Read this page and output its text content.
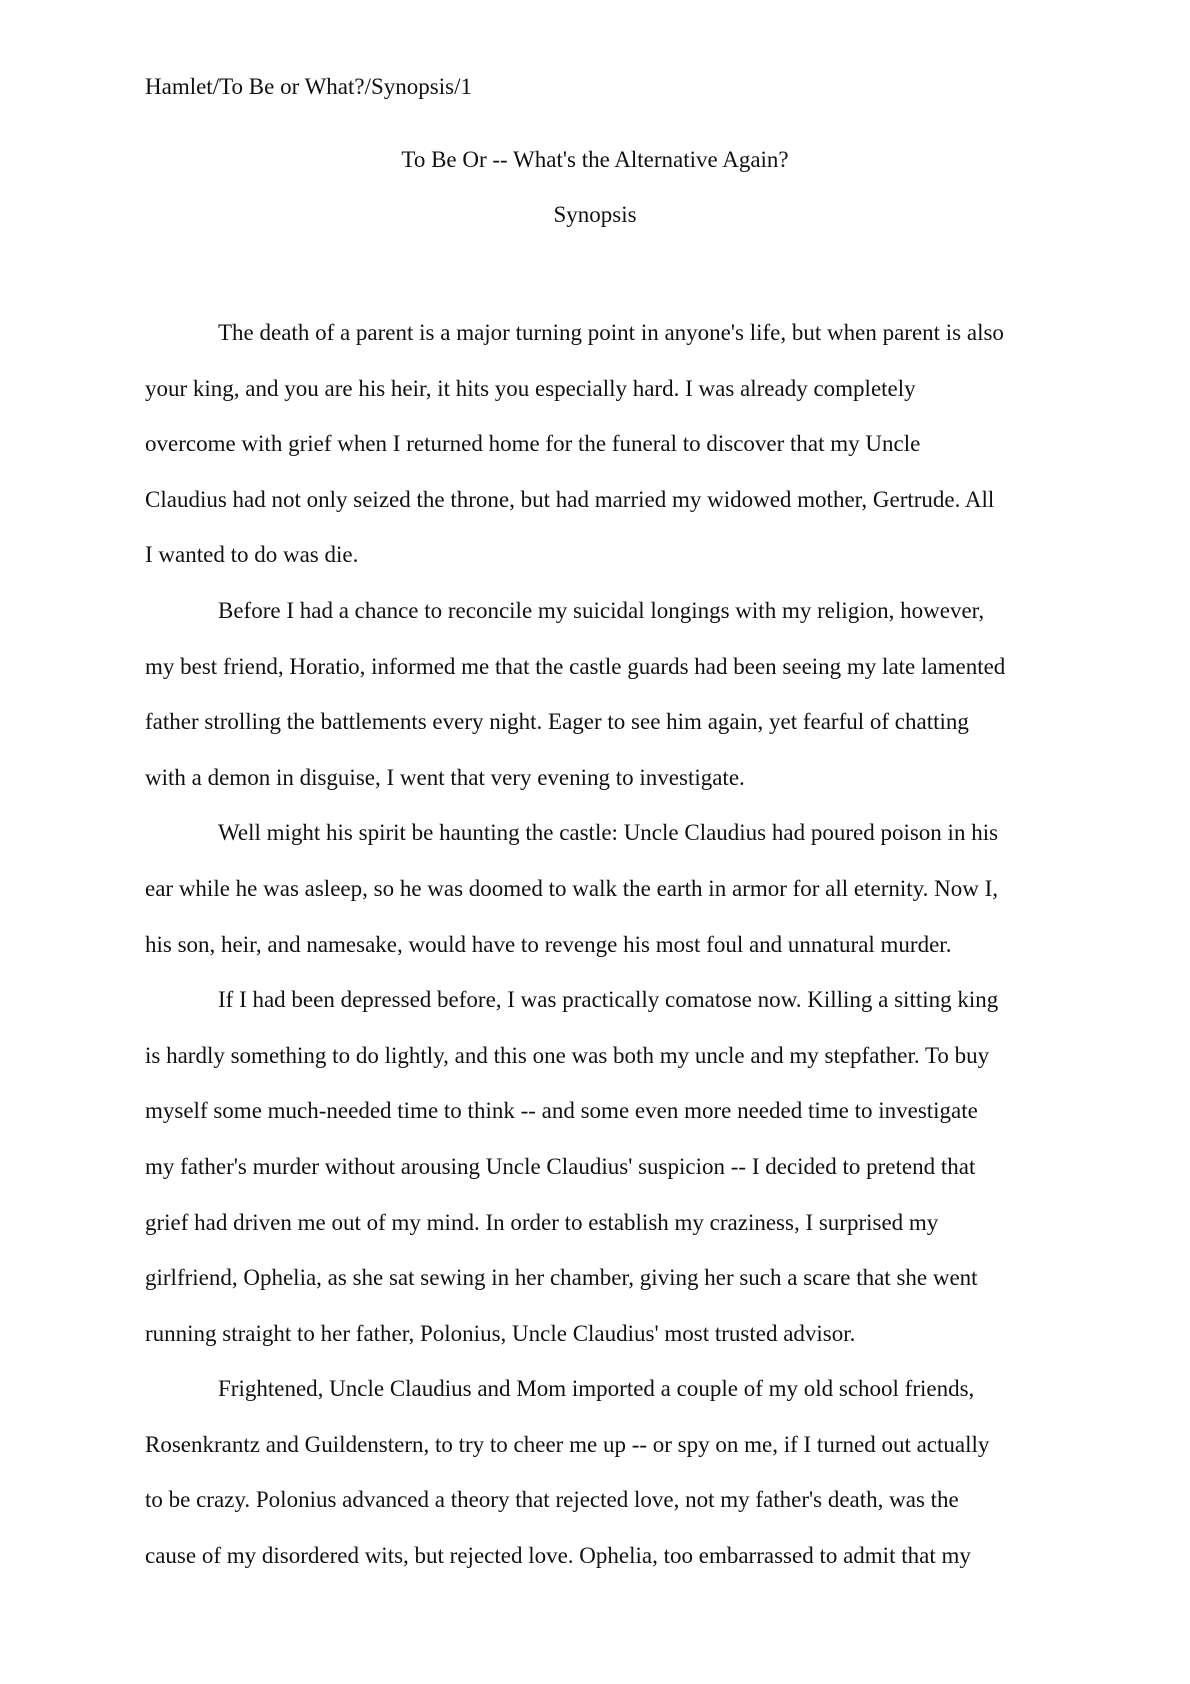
Hamlet/To Be or What?/Synopsis/1
To Be Or -- What's the Alternative Again?
Synopsis
The death of a parent is a major turning point in anyone's life, but when parent is also
your king, and you are his heir, it hits you especially hard. I was already completely
overcome with grief when I returned home for the funeral to discover that my Uncle
Claudius had not only seized the throne, but had married my widowed mother, Gertrude. All
I wanted to do was die.
Before I had a chance to reconcile my suicidal longings with my religion, however,
my best friend, Horatio, informed me that the castle guards had been seeing my late lamented
father strolling the battlements every night. Eager to see him again, yet fearful of chatting
with a demon in disguise, I went that very evening to investigate.
Well might his spirit be haunting the castle: Uncle Claudius had poured poison in his
ear while he was asleep, so he was doomed to walk the earth in armor for all eternity. Now I,
his son, heir, and namesake, would have to revenge his most foul and unnatural murder.
If I had been depressed before, I was practically comatose now. Killing a sitting king
is hardly something to do lightly, and this one was both my uncle and my stepfather. To buy
myself some much-needed time to think -- and some even more needed time to investigate
my father's murder without arousing Uncle Claudius' suspicion -- I decided to pretend that
grief had driven me out of my mind. In order to establish my craziness, I surprised my
girlfriend, Ophelia, as she sat sewing in her chamber, giving her such a scare that she went
running straight to her father, Polonius, Uncle Claudius' most trusted advisor.
Frightened, Uncle Claudius and Mom imported a couple of my old school friends,
Rosenkrantz and Guildenstern, to try to cheer me up -- or spy on me, if I turned out actually
to be crazy. Polonius advanced a theory that rejected love, not my father's death, was the
cause of my disordered wits, but rejected love. Ophelia, too embarrassed to admit that my
